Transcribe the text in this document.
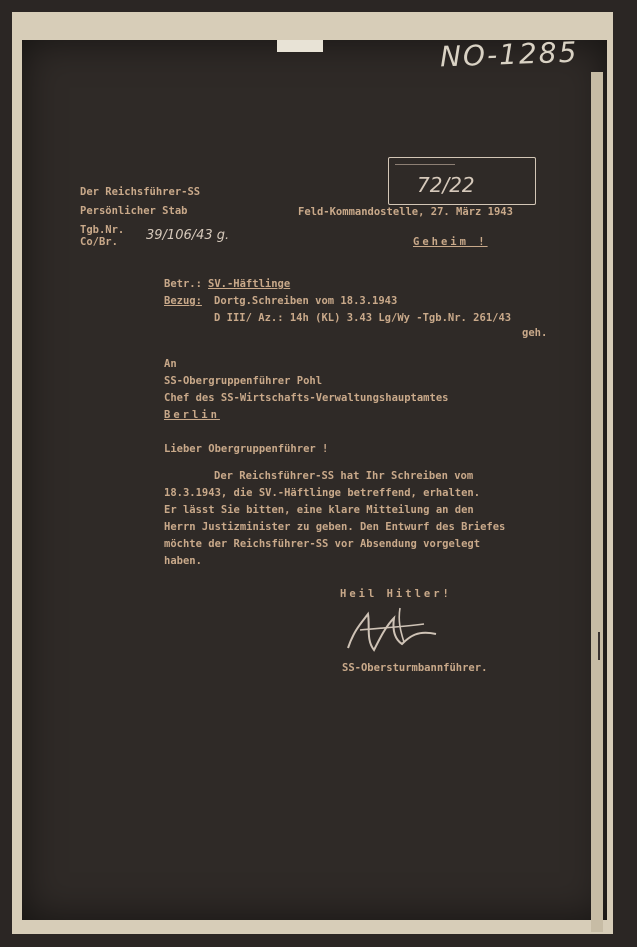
NO-1285
Der Reichsführer-SS
Persönlicher Stab
Tgb.Nr.
Co/Br. 39/106/43 g.
72/22
Feld-Kommandostelle, 27. März 1943
Geheim !
Betr.: SV.-Häftlinge
Bezug: Dortg.Schreiben vom 18.3.1943
D III/ Az.: 14h (KL) 3.43 Lg/Wy -Tgb.Nr. 261/43
geh.
An
SS-Obergruppenführer Pohl
Chef des SS-Wirtschafts-Verwaltungshauptamtes
Berlin
Lieber Obergruppenführer !
Der Reichsführer-SS hat Ihr Schreiben vom
18.3.1943, die SV.-Häftlinge betreffend, erhalten.
Er lässt Sie bitten, eine klare Mitteilung an den
Herrn Justizminister zu geben. Den Entwurf des Briefes
möchte der Reichsführer-SS vor Absendung vorgelegt
haben.
Heil Hitler!
SS-Obersturmbannführer.
